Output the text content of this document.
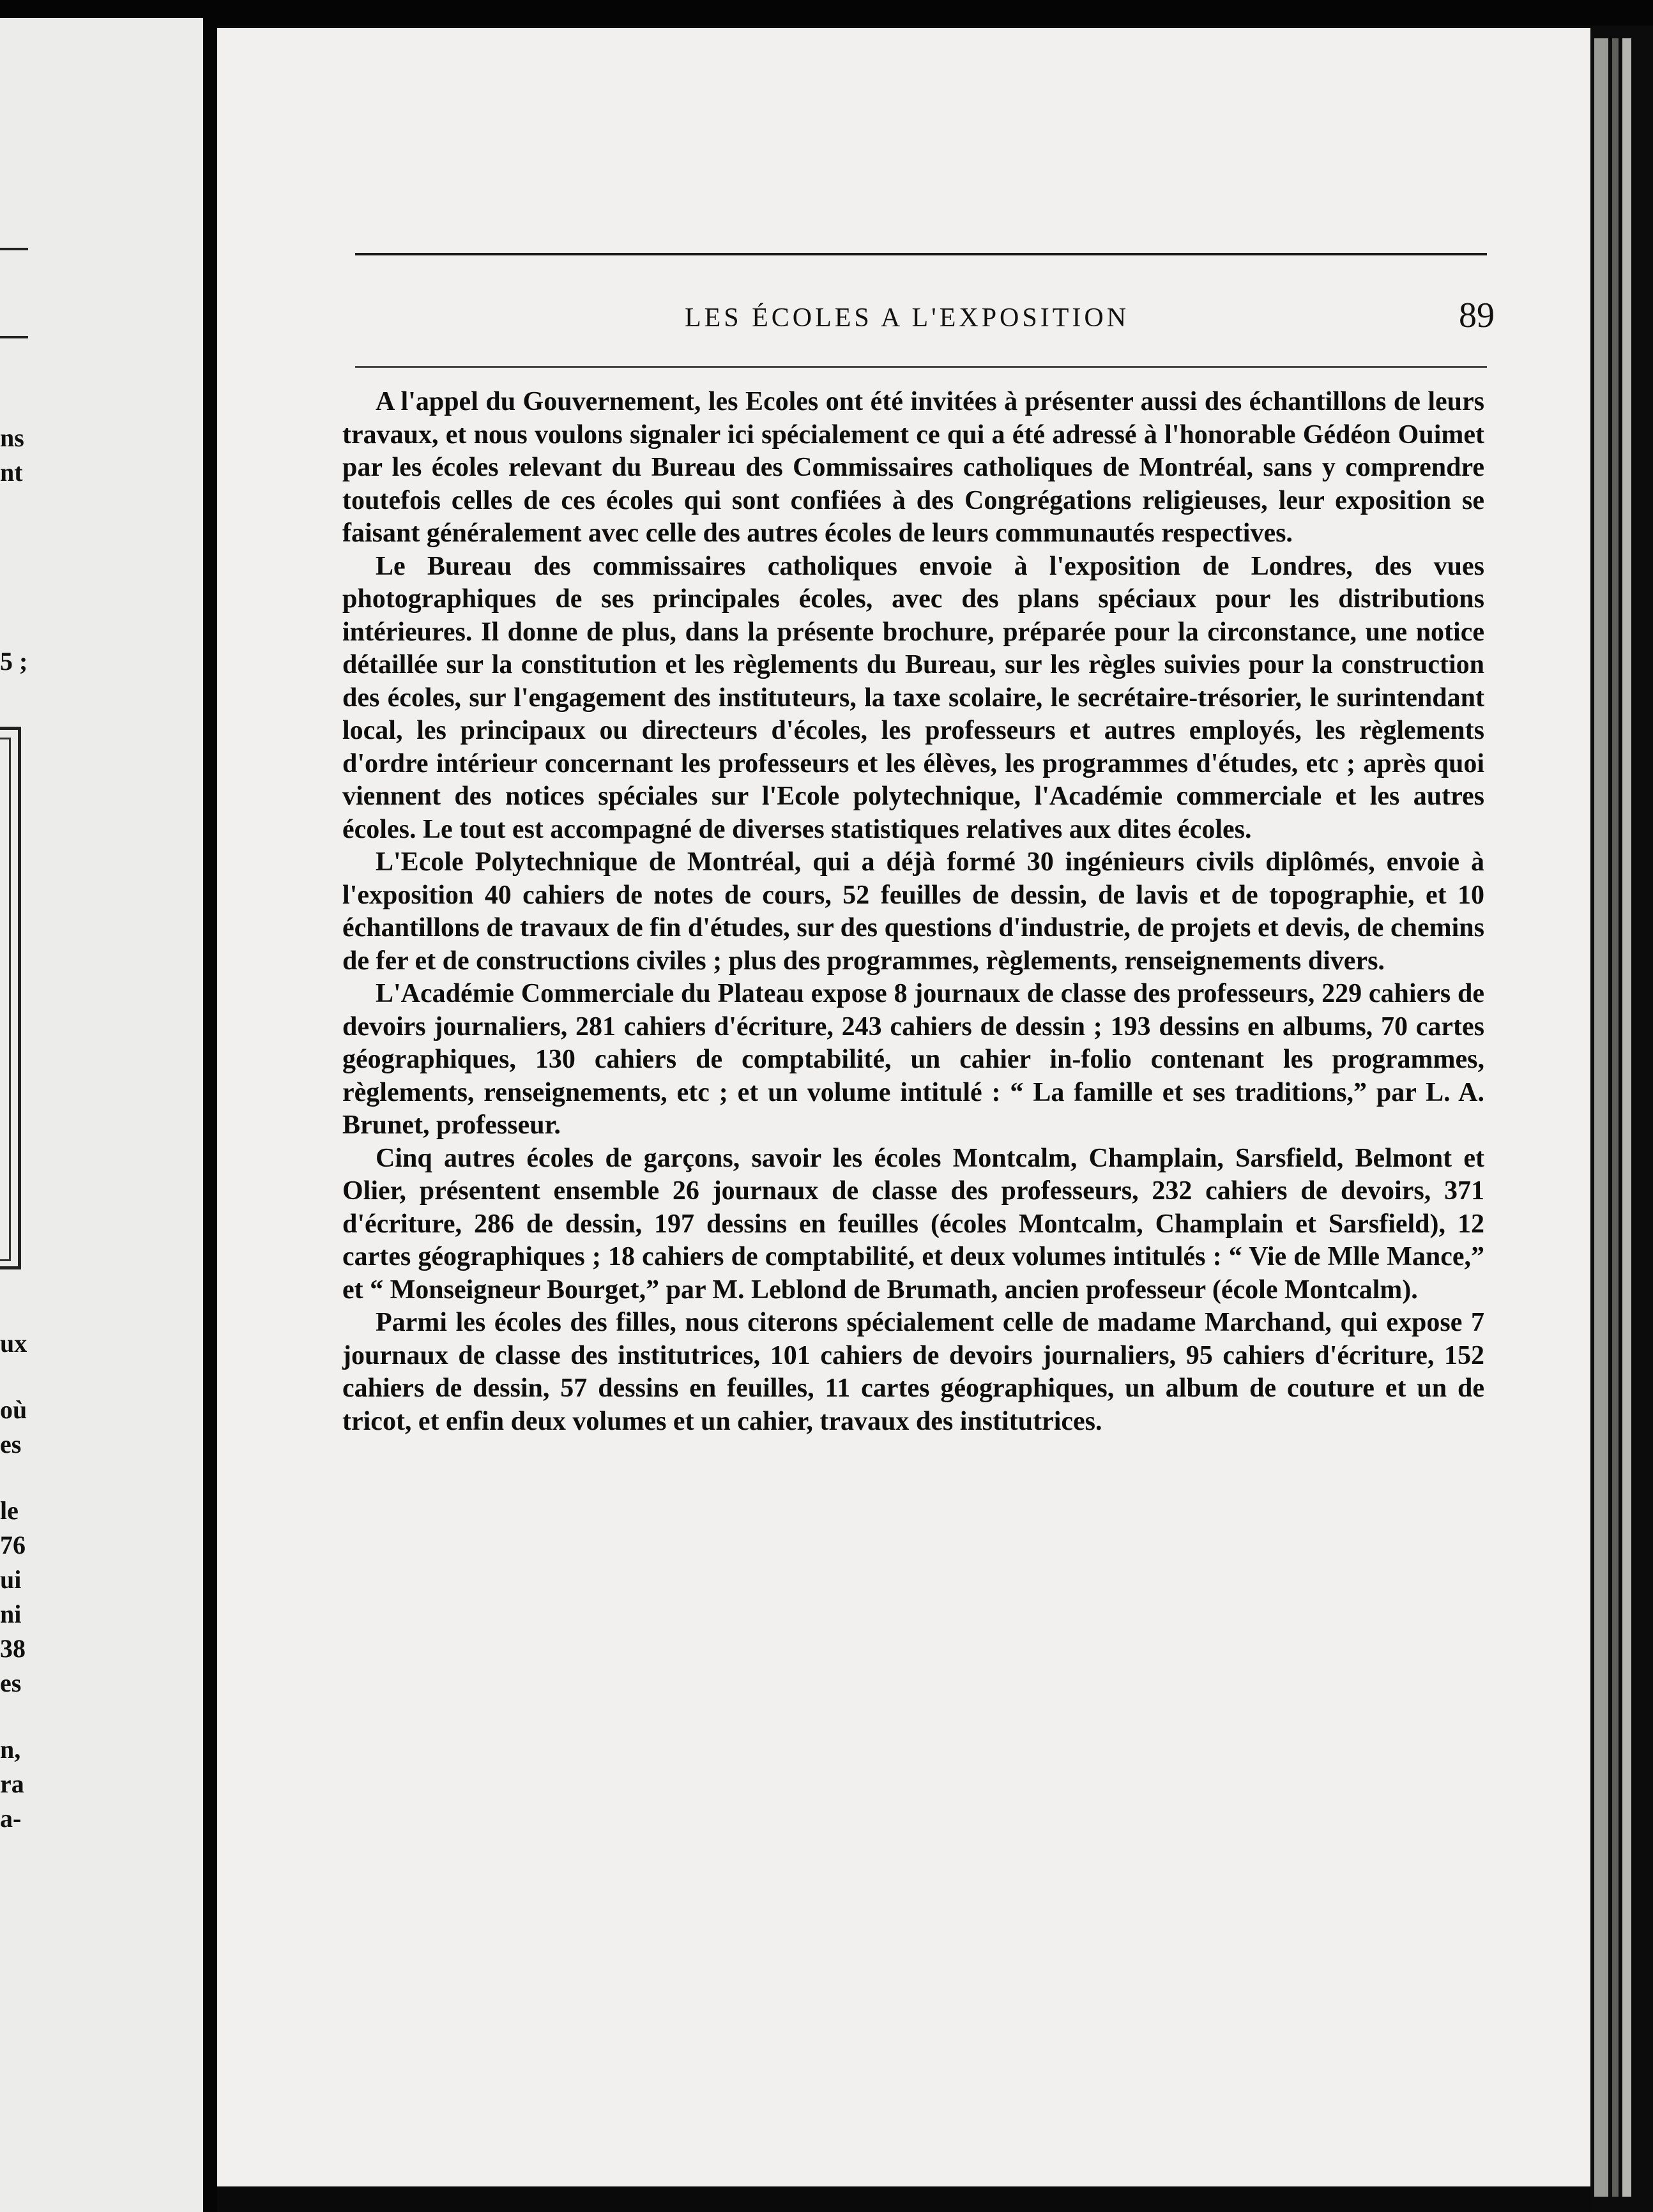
ns
nt
5 ;
ux
où
es
le
76
ui
ni
38
es
n,
ra
a-
LES ÉCOLES A L'EXPOSITION	89

A l'appel du Gouvernement, les Ecoles ont été invitées à présenter aussi des échantillons de leurs travaux, et nous voulons signaler ici spécialement ce qui a été adressé à l'honorable Gédéon Ouimet par les écoles relevant du Bureau des Commissaires catholiques de Montréal, sans y comprendre toutefois celles de ces écoles qui sont confiées à des Congrégations religieuses, leur exposition se faisant généralement avec celle des autres écoles de leurs communautés respectives.

Le Bureau des commissaires catholiques envoie à l'exposition de Londres, des vues photographiques de ses principales écoles, avec des plans spéciaux pour les distributions intérieures. Il donne de plus, dans la présente brochure, préparée pour la circonstance, une notice détaillée sur la constitution et les règlements du Bureau, sur les règles suivies pour la construction des écoles, sur l'engagement des instituteurs, la taxe scolaire, le secrétaire-trésorier, le surintendant local, les principaux ou directeurs d'écoles, les professeurs et autres employés, les règlements d'ordre intérieur concernant les professeurs et les élèves, les programmes d'études, etc ; après quoi viennent des notices spéciales sur l'Ecole polytechnique, l'Académie commerciale et les autres écoles. Le tout est accompagné de diverses statistiques relatives aux dites écoles.

L'Ecole Polytechnique de Montréal, qui a déjà formé 30 ingénieurs civils diplômés, envoie à l'exposition 40 cahiers de notes de cours, 52 feuilles de dessin, de lavis et de topographie, et 10 échantillons de travaux de fin d'études, sur des questions d'industrie, de projets et devis, de chemins de fer et de constructions civiles ; plus des programmes, règlements, renseignements divers.

L'Académie Commerciale du Plateau expose 8 journaux de classe des professeurs, 229 cahiers de devoirs journaliers, 281 cahiers d'écriture, 243 cahiers de dessin ; 193 dessins en albums, 70 cartes géographiques, 130 cahiers de comptabilité, un cahier in-folio contenant les programmes, règlements, renseignements, etc ; et un volume intitulé : “ La famille et ses traditions,” par L. A. Brunet, professeur.

Cinq autres écoles de garçons, savoir les écoles Montcalm, Champlain, Sarsfield, Belmont et Olier, présentent ensemble 26 journaux de classe des professeurs, 232 cahiers de devoirs, 371 d'écriture, 286 de dessin, 197 dessins en feuilles (écoles Montcalm, Champlain et Sarsfield), 12 cartes géographiques ; 18 cahiers de comptabilité, et deux volumes intitulés : “ Vie de Mlle Mance,” et “ Monseigneur Bourget,” par M. Leblond de Brumath, ancien professeur (école Montcalm).

Parmi les écoles des filles, nous citerons spécialement celle de madame Marchand, qui expose 7 journaux de classe des institutrices, 101 cahiers de devoirs journaliers, 95 cahiers d'écriture, 152 cahiers de dessin, 57 dessins en feuilles, 11 cartes géographiques, un album de couture et un de tricot, et enfin deux volumes et un cahier, travaux des institutrices.
